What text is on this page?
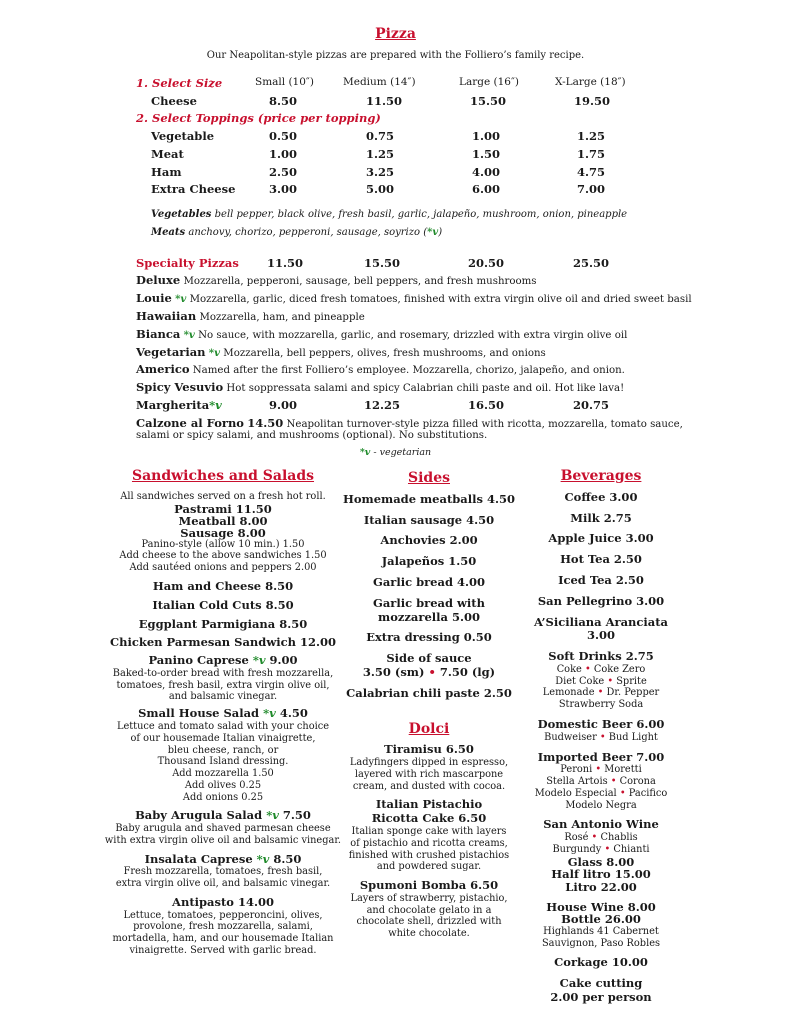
Pizza
Our Neapolitan-style pizzas are prepared with the Folliero’s family recipe.
1. Select Size	Small (10″)	Medium (14″)	Large (16″)	X-Large (18″)
Cheese	8.50	11.50	15.50	19.50
2. Select Toppings (price per topping)
Vegetable	0.50	0.75	1.00	1.25
Meat	1.00	1.25	1.50	1.75
Ham	2.50	3.25	4.00	4.75
Extra Cheese	3.00	5.00	6.00	7.00
Vegetables bell pepper, black olive, fresh basil, garlic, jalapeño, mushroom, onion, pineapple
Meats anchovy, chorizo, pepperoni, sausage, soyrizo (*v)
Specialty Pizzas 11.50	15.50	20.50	25.50
Deluxe Mozzarella, pepperoni, sausage, bell peppers, and fresh mushrooms
Louie *v Mozzarella, garlic, diced fresh tomatoes, finished with extra virgin olive oil and dried sweet basil
Hawaiian Mozzarella, ham, and pineapple
Bianca *v No sauce, with mozzarella, garlic, and rosemary, drizzled with extra virgin olive oil
Vegetarian *v Mozzarella, bell peppers, olives, fresh mushrooms, and onions
Americo Named after the first Folliero’s employee. Mozzarella, chorizo, jalapeño, and onion.
Spicy Vesuvio Hot soppressata salami and spicy Calabrian chili paste and oil. Hot like lava!
Margherita *v	9.00	12.25	16.50	20.75
Calzone al Forno 14.50 Neapolitan turnover-style pizza filled with ricotta, mozzarella, tomato sauce,
salami or spicy salami, and mushrooms (optional). No substitutions.
*v - vegetarian
Sandwiches and Salads
All sandwiches served on a fresh hot roll.
Pastrami 11.50
Meatball 8.00
Sausage 8.00
Panino-style (allow 10 min.) 1.50
Add cheese to the above sandwiches 1.50
Add sautéed onions and peppers 2.00
Ham and Cheese 8.50
Italian Cold Cuts 8.50
Eggplant Parmigiana 8.50
Chicken Parmesan Sandwich 12.00
Panino Caprese *v 9.00
Baked-to-order bread with fresh mozzarella,
tomatoes, fresh basil, extra virgin olive oil,
and balsamic vinegar.
Small House Salad *v 4.50
Lettuce and tomato salad with your choice
of our housemade Italian vinaigrette,
bleu cheese, ranch, or
Thousand Island dressing.
Add mozzarella 1.50
Add olives 0.25
Add onions 0.25
Baby Arugula Salad *v 7.50
Baby arugula and shaved parmesan cheese
with extra virgin olive oil and balsamic vinegar.
Insalata Caprese *v 8.50
Fresh mozzarella, tomatoes, fresh basil,
extra virgin olive oil, and balsamic vinegar.
Antipasto 14.00
Lettuce, tomatoes, pepperoncini, olives,
provolone, fresh mozzarella, salami,
mortadella, ham, and our housemade Italian
vinaigrette. Served with garlic bread.
Sides
Homemade meatballs 4.50
Italian sausage 4.50
Anchovies 2.00
Jalapeños 1.50
Garlic bread 4.00
Garlic bread with
mozzarella 5.00
Extra dressing 0.50
Side of sauce
3.50 (sm) • 7.50 (lg)
Calabrian chili paste 2.50
Dolci
Tiramisu 6.50
Ladyfingers dipped in espresso,
layered with rich mascarpone
cream, and dusted with cocoa.
Italian Pistachio
Ricotta Cake 6.50
Italian sponge cake with layers
of pistachio and ricotta creams,
finished with crushed pistachios
and powdered sugar.
Spumoni Bomba 6.50
Layers of strawberry, pistachio,
and chocolate gelato in a
chocolate shell, drizzled with
white chocolate.
Beverages
Coffee 3.00
Milk 2.75
Apple Juice 3.00
Hot Tea 2.50
Iced Tea 2.50
San Pellegrino 3.00
A’Siciliana Aranciata
3.00
Soft Drinks 2.75
Coke • Coke Zero
Diet Coke • Sprite
Lemonade • Dr. Pepper
Strawberry Soda
Domestic Beer 6.00
Budweiser • Bud Light
Imported Beer 7.00
Peroni • Moretti
Stella Artois • Corona
Modelo Especial • Pacifico
Modelo Negra
San Antonio Wine
Rosé • Chablis
Burgundy • Chianti
Glass 8.00
Half litro 15.00
Litro 22.00
House Wine 8.00
Bottle 26.00
Highlands 41 Cabernet
Sauvignon, Paso Robles
Corkage 10.00
Cake cutting
2.00 per person
